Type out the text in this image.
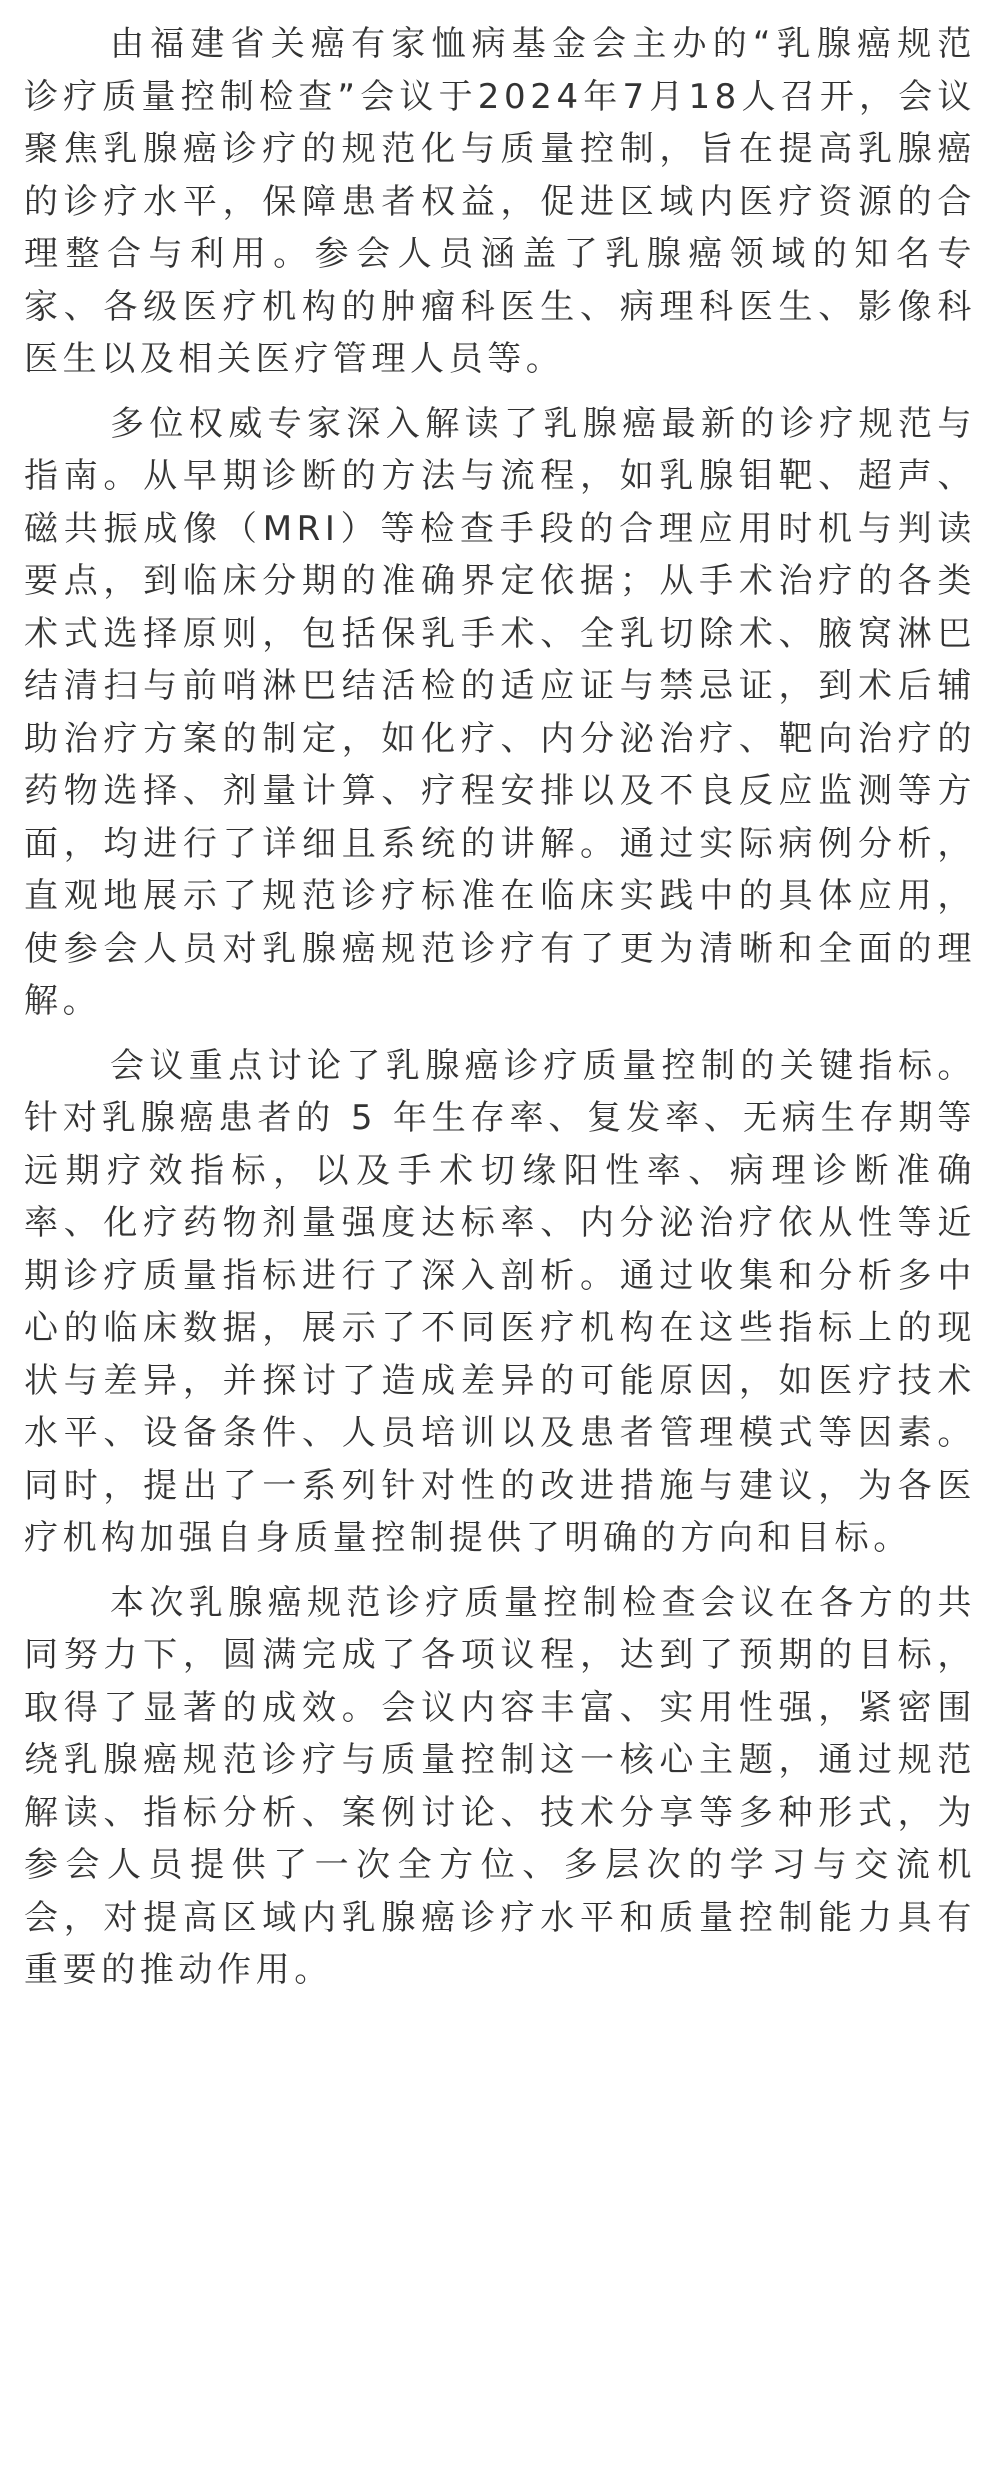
由福建省关癌有家恤病基金会主办的“乳腺癌规范诊疗质量控制检查”会议于2024年7月18人召开，会议聚焦乳腺癌诊疗的规范化与质量控制，旨在提高乳腺癌的诊疗水平，保障患者权益，促进区域内医疗资源的合理整合与利用。参会人员涵盖了乳腺癌领域的知名专家、各级医疗机构的肿瘤科医生、病理科医生、影像科医生以及相关医疗管理人员等。

多位权威专家深入解读了乳腺癌最新的诊疗规范与指南。从早期诊断的方法与流程，如乳腺钼靶、超声、磁共振成像（MRI）等检查手段的合理应用时机与判读要点，到临床分期的准确界定依据；从手术治疗的各类术式选择原则，包括保乳手术、全乳切除术、腋窝淋巴结清扫与前哨淋巴结活检的适应证与禁忌证，到术后辅助治疗方案的制定，如化疗、内分泌治疗、靶向治疗的药物选择、剂量计算、疗程安排以及不良反应监测等方面，均进行了详细且系统的讲解。通过实际病例分析，直观地展示了规范诊疗标准在临床实践中的具体应用，使参会人员对乳腺癌规范诊疗有了更为清晰和全面的理解。

会议重点讨论了乳腺癌诊疗质量控制的关键指标。针对乳腺癌患者的 5 年生存率、复发率、无病生存期等远期疗效指标，以及手术切缘阳性率、病理诊断准确率、化疗药物剂量强度达标率、内分泌治疗依从性等近期诊疗质量指标进行了深入剖析。通过收集和分析多中心的临床数据，展示了不同医疗机构在这些指标上的现状与差异，并探讨了造成差异的可能原因，如医疗技术水平、设备条件、人员培训以及患者管理模式等因素。同时，提出了一系列针对性的改进措施与建议，为各医疗机构加强自身质量控制提供了明确的方向和目标。

本次乳腺癌规范诊疗质量控制检查会议在各方的共同努力下，圆满完成了各项议程，达到了预期的目标，取得了显著的成效。会议内容丰富、实用性强，紧密围绕乳腺癌规范诊疗与质量控制这一核心主题，通过规范解读、指标分析、案例讨论、技术分享等多种形式，为参会人员提供了一次全方位、多层次的学习与交流机会，对提高区域内乳腺癌诊疗水平和质量控制能力具有重要的推动作用。
